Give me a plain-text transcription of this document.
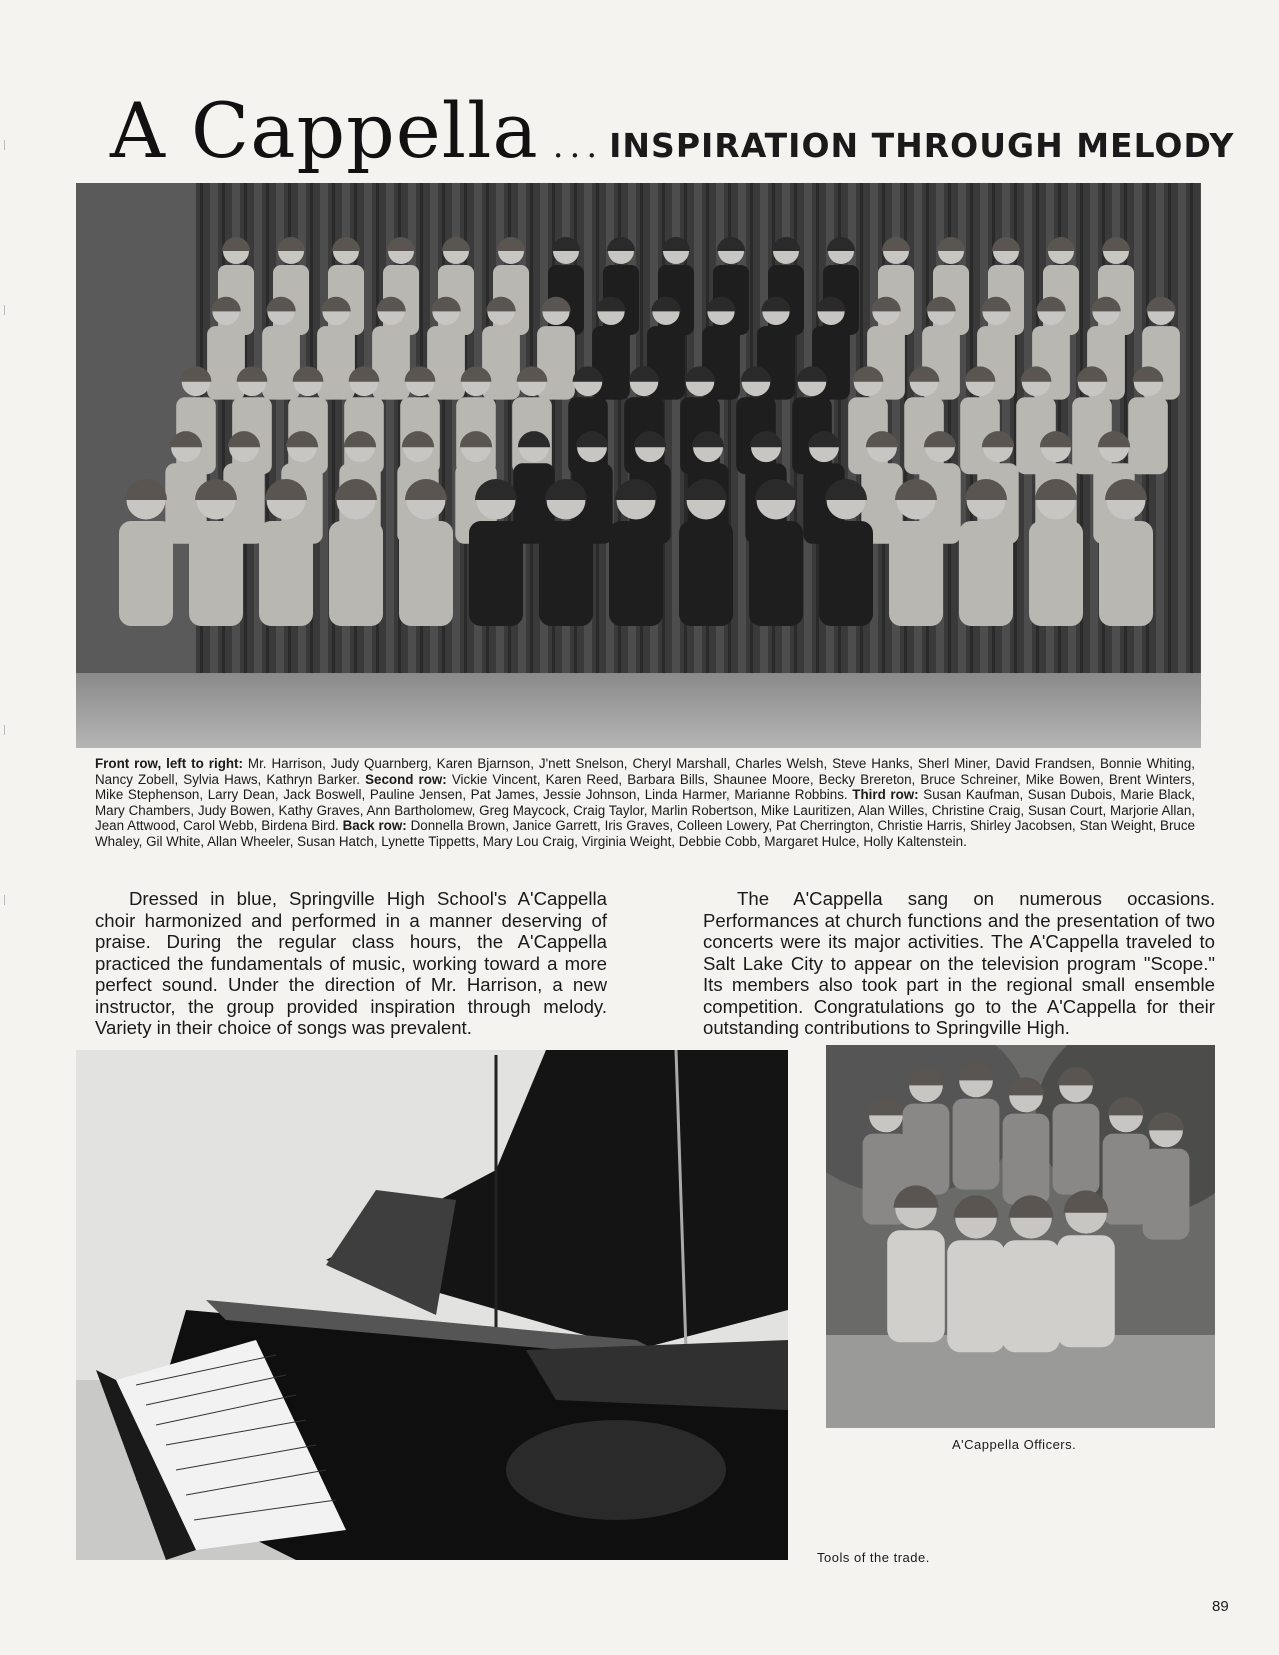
A Cappella ... INSPIRATION THROUGH MELODY
Front row, left to right: Mr. Harrison, Judy Quarnberg, Karen Bjarnson, J'nett Snelson, Cheryl Marshall, Charles Welsh, Steve Hanks, Sherl Miner, David Frandsen, Bonnie Whiting, Nancy Zobell, Sylvia Haws, Kathryn Barker. Second row: Vickie Vincent, Karen Reed, Barbara Bills, Shaunee Moore, Becky Brereton, Bruce Schreiner, Mike Bowen, Brent Winters, Mike Stephenson, Larry Dean, Jack Boswell, Pauline Jensen, Pat James, Jessie Johnson, Linda Harmer, Marianne Robbins. Third row: Susan Kaufman, Susan Dubois, Marie Black, Mary Chambers, Judy Bowen, Kathy Graves, Ann Bartholomew, Greg Maycock, Craig Taylor, Marlin Robertson, Mike Lauritizen, Alan Willes, Christine Craig, Susan Court, Marjorie Allan, Jean Attwood, Carol Webb, Birdena Bird. Back row: Donnella Brown, Janice Garrett, Iris Graves, Colleen Lowery, Pat Cherrington, Christie Harris, Shirley Jacobsen, Stan Weight, Bruce Whaley, Gil White, Allan Wheeler, Susan Hatch, Lynette Tippetts, Mary Lou Craig, Virginia Weight, Debbie Cobb, Margaret Hulce, Holly Kaltenstein.

Dressed in blue, Springville High School's A'Cappella choir harmonized and performed in a manner deserving of praise. During the regular class hours, the A'Cappella practiced the fundamentals of music, working toward a more perfect sound. Under the direction of Mr. Harrison, a new instructor, the group provided inspiration through melody. Variety in their choice of songs was prevalent.

The A'Cappella sang on numerous occasions. Performances at church functions and the presentation of two concerts were its major activities. The A'Cappella traveled to Salt Lake City to appear on the television program "Scope." Its members also took part in the regional small ensemble competition. Congratulations go to the A'Cappella for their outstanding contributions to Springville High.

A'Cappella Officers.
Tools of the trade.
89
